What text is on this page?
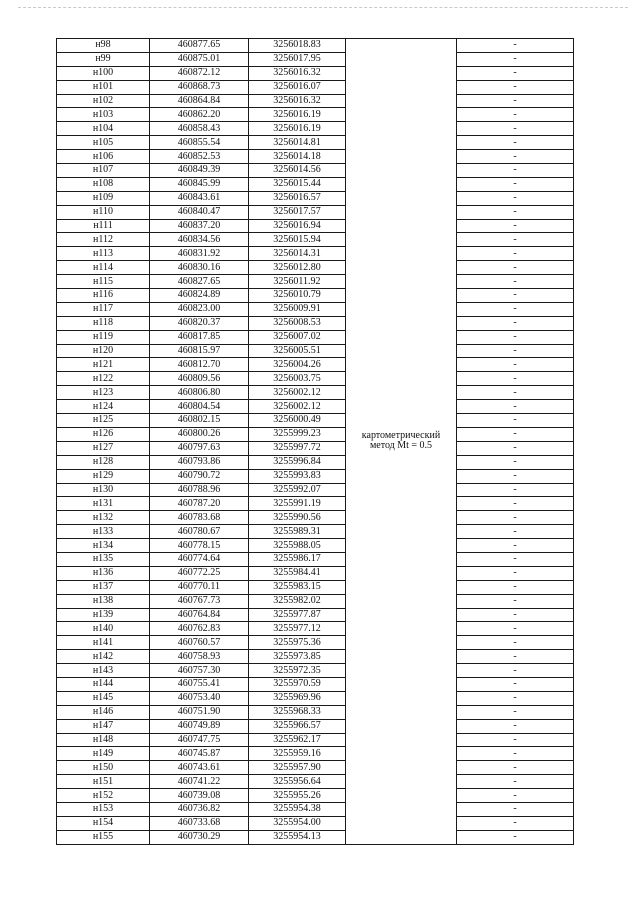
н98	460877.65	3256018.83	картометрический
метод Mt = 0.5	-
н99	460875.01	3256017.95		-
н100	460872.12	3256016.32		-
н101	460868.73	3256016.07		-
н102	460864.84	3256016.32		-
н103	460862.20	3256016.19		-
н104	460858.43	3256016.19		-
н105	460855.54	3256014.81		-
н106	460852.53	3256014.18		-
н107	460849.39	3256014.56		-
н108	460845.99	3256015.44		-
н109	460843.61	3256016.57		-
н110	460840.47	3256017.57		-
н111	460837.20	3256016.94		-
н112	460834.56	3256015.94		-
н113	460831.92	3256014.31		-
н114	460830.16	3256012.80		-
н115	460827.65	3256011.92		-
н116	460824.89	3256010.79		-
н117	460823.00	3256009.91		-
н118	460820.37	3256008.53		-
н119	460817.85	3256007.02		-
н120	460815.97	3256005.51		-
н121	460812.70	3256004.26		-
н122	460809.56	3256003.75		-
н123	460806.80	3256002.12		-
н124	460804.54	3256002.12		-
н125	460802.15	3256000.49		-
н126	460800.26	3255999.23		-
н127	460797.63	3255997.72		-
н128	460793.86	3255996.84		-
н129	460790.72	3255993.83		-
н130	460788.96	3255992.07		-
н131	460787.20	3255991.19		-
н132	460783.68	3255990.56		-
н133	460780.67	3255989.31		-
н134	460778.15	3255988.05		-
н135	460774.64	3255986.17		-
н136	460772.25	3255984.41		-
н137	460770.11	3255983.15		-
н138	460767.73	3255982.02		-
н139	460764.84	3255977.87		-
н140	460762.83	3255977.12		-
н141	460760.57	3255975.36		-
н142	460758.93	3255973.85		-
н143	460757.30	3255972.35		-
н144	460755.41	3255970.59		-
н145	460753.40	3255969.96		-
н146	460751.90	3255968.33		-
н147	460749.89	3255966.57		-
н148	460747.75	3255962.17		-
н149	460745.87	3255959.16		-
н150	460743.61	3255957.90		-
н151	460741.22	3255956.64		-
н152	460739.08	3255955.26		-
н153	460736.82	3255954.38		-
н154	460733.68	3255954.00		-
н155	460730.29	3255954.13		-
